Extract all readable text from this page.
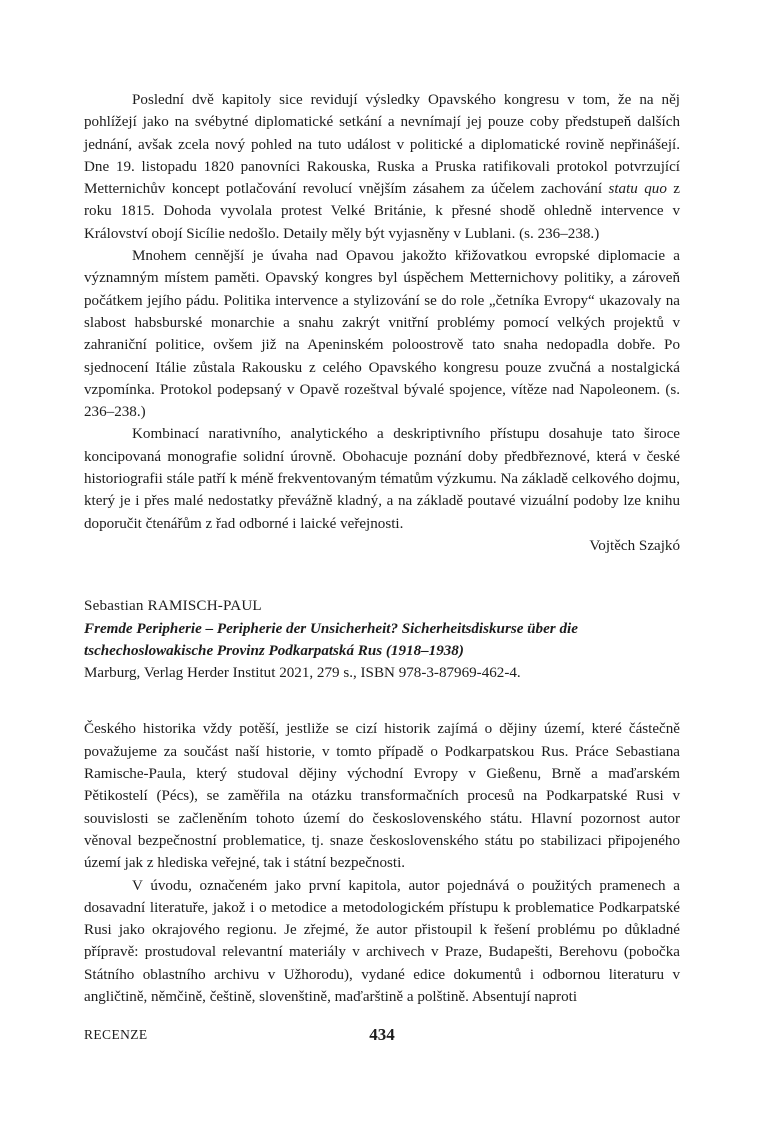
Poslední dvě kapitoly sice revidují výsledky Opavského kongresu v tom, že na něj pohlížejí jako na svébytné diplomatické setkání a nevnímají jej pouze coby předstupeň dalších jednání, avšak zcela nový pohled na tuto událost v politické a diplomatické rovině nepřinášejí. Dne 19. listopadu 1820 panovníci Rakouska, Ruska a Pruska ratifikovali protokol potvrzující Metternichův koncept potlačování revolucí vnějším zásahem za účelem zachování statu quo z roku 1815. Dohoda vyvolala protest Velké Británie, k přesné shodě ohledně intervence v Království obojí Sicílie nedošlo. Detaily měly být vyjasněny v Lublani. (s. 236–238.)

Mnohem cennější je úvaha nad Opavou jakožto křižovatkou evropské diplomacie a významným místem paměti. Opavský kongres byl úspěchem Metternichovy politiky, a zároveň počátkem jejího pádu. Politika intervence a stylizování se do role „četníka Evropy“ ukazovaly na slabost habsburské monarchie a snahu zakrýt vnitřní problémy pomocí velkých projektů v zahraniční politice, ovšem již na Apeninském poloostrově tato snaha nedopadla dobře. Po sjednocení Itálie zůstala Rakousku z celého Opavského kongresu pouze zvučná a nostalgická vzpomínka. Protokol podepsaný v Opavě rozeštval bývalé spojence, vítěze nad Napoleonem. (s. 236–238.)

Kombinací narativního, analytického a deskriptivního přístupu dosahuje tato široce koncipovaná monografie solidní úrovně. Obohacuje poznání doby předbřeznové, která v české historiografii stále patří k méně frekventovaným tématům výzkumu. Na základě celkového dojmu, který je i přes malé nedostatky převážně kladný, a na základě poutavé vizuální podoby lze knihu doporučit čtenářům z řad odborné i laické veřejnosti.

Vojtěch Szajkó
Sebastian RAMISCH-PAUL
Fremde Peripherie – Peripherie der Unsicherheit? Sicherheitsdiskurse über die
tschechoslowakische Provinz Podkarpatská Rus (1918–1938)
Marburg, Verlag Herder Institut 2021, 279 s., ISBN 978-3-87969-462-4.

Českého historika vždy potěší, jestliže se cizí historik zajímá o dějiny území, které částečně považujeme za součást naší historie, v tomto případě o Podkarpatskou Rus. Práce Sebastiana Ramische-Paula, který studoval dějiny východní Evropy v Gießenu, Brně a maďarském Pětikostelí (Pécs), se zaměřila na otázku transformačních procesů na Podkarpatské Rusi v souvislosti se začleněním tohoto území do československého státu. Hlavní pozornost autor věnoval bezpečnostní problematice, tj. snaze československého státu po stabilizaci připojeného území jak z hlediska veřejné, tak i státní bezpečnosti.

V úvodu, označeném jako první kapitola, autor pojednává o použitých pramenech a dosavadní literatuře, jakož i o metodice a metodologickém přístupu k problematice Podkarpatské Rusi jako okrajového regionu. Je zřejmé, že autor přistoupil k řešení problému po důkladné přípravě: prostudoval relevantní materiály v archivech v Praze, Budapešti, Berehovu (pobočka Státního oblastního archivu v Užhorodu), vydané edice dokumentů i odbornou literaturu v angličtině, němčině, češtině, slovenštině, maďarštině a polštině. Absentují naproti

RECENZE	434
